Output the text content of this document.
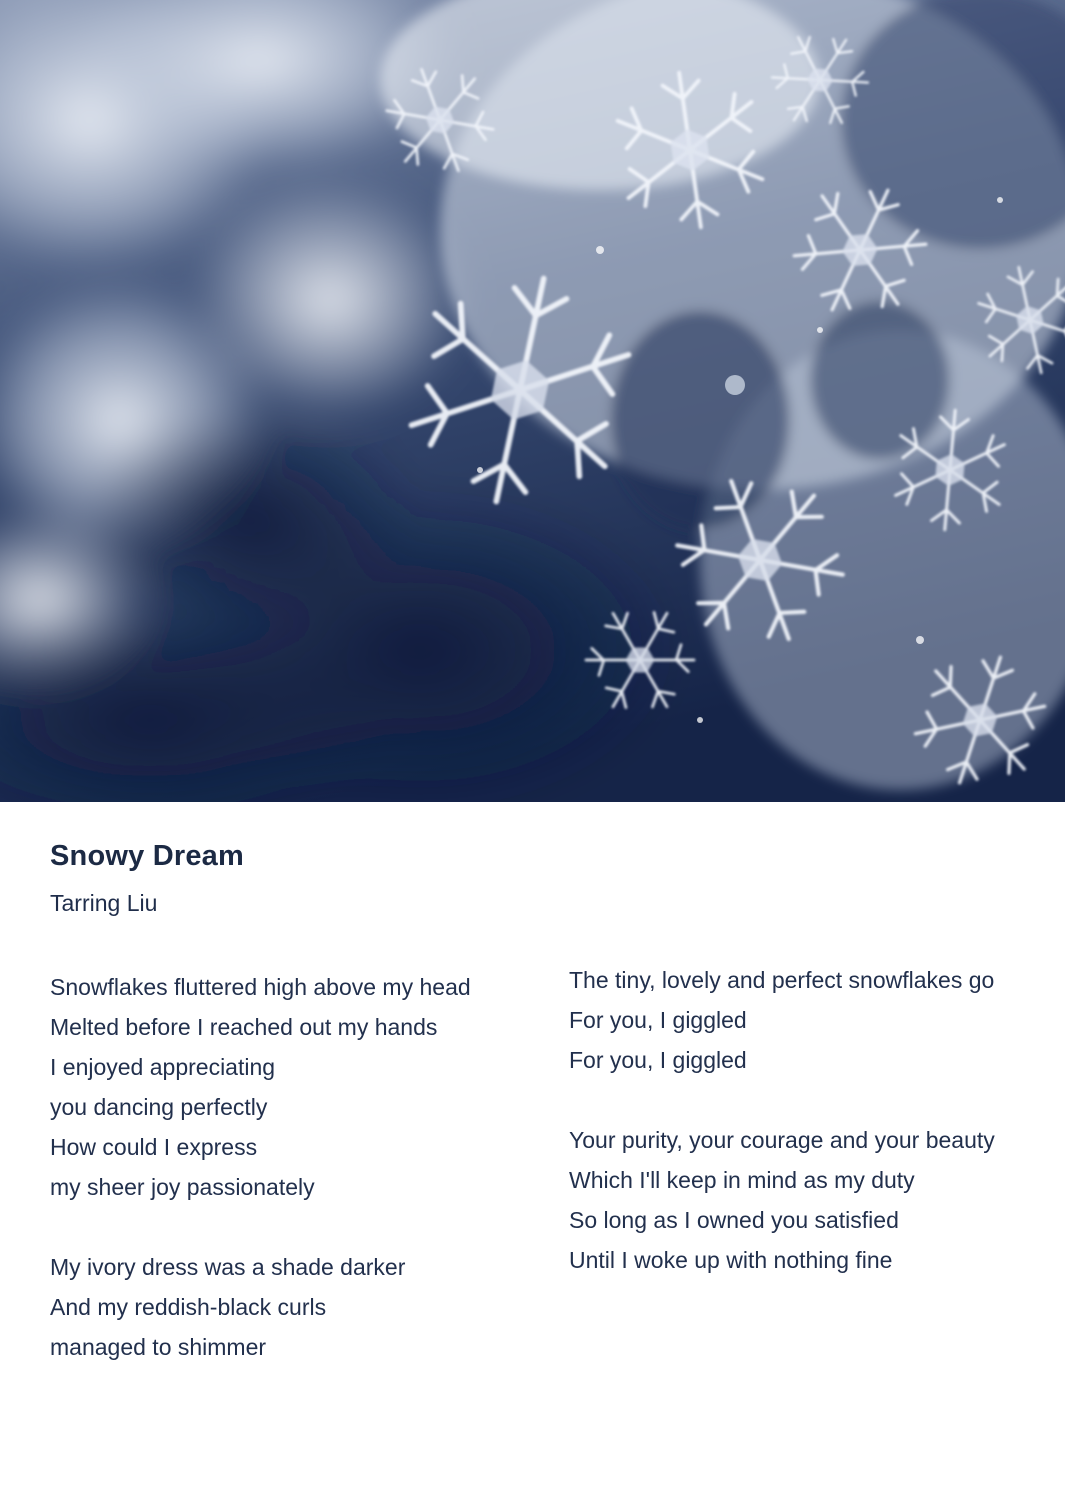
Snowy Dream
Tarring Liu
Snowflakes fluttered high above my head
Melted before I reached out my hands
I enjoyed appreciating
you dancing perfectly
How could I express
my sheer joy passionately
My ivory dress was a shade darker
And my reddish-black curls
managed to shimmer
The tiny, lovely and perfect snowflakes go
For you, I giggled
For you, I giggled
Your purity, your courage and your beauty
Which I'll keep in mind as my duty
So long as I owned you satisfied
Until I woke up with nothing fine
